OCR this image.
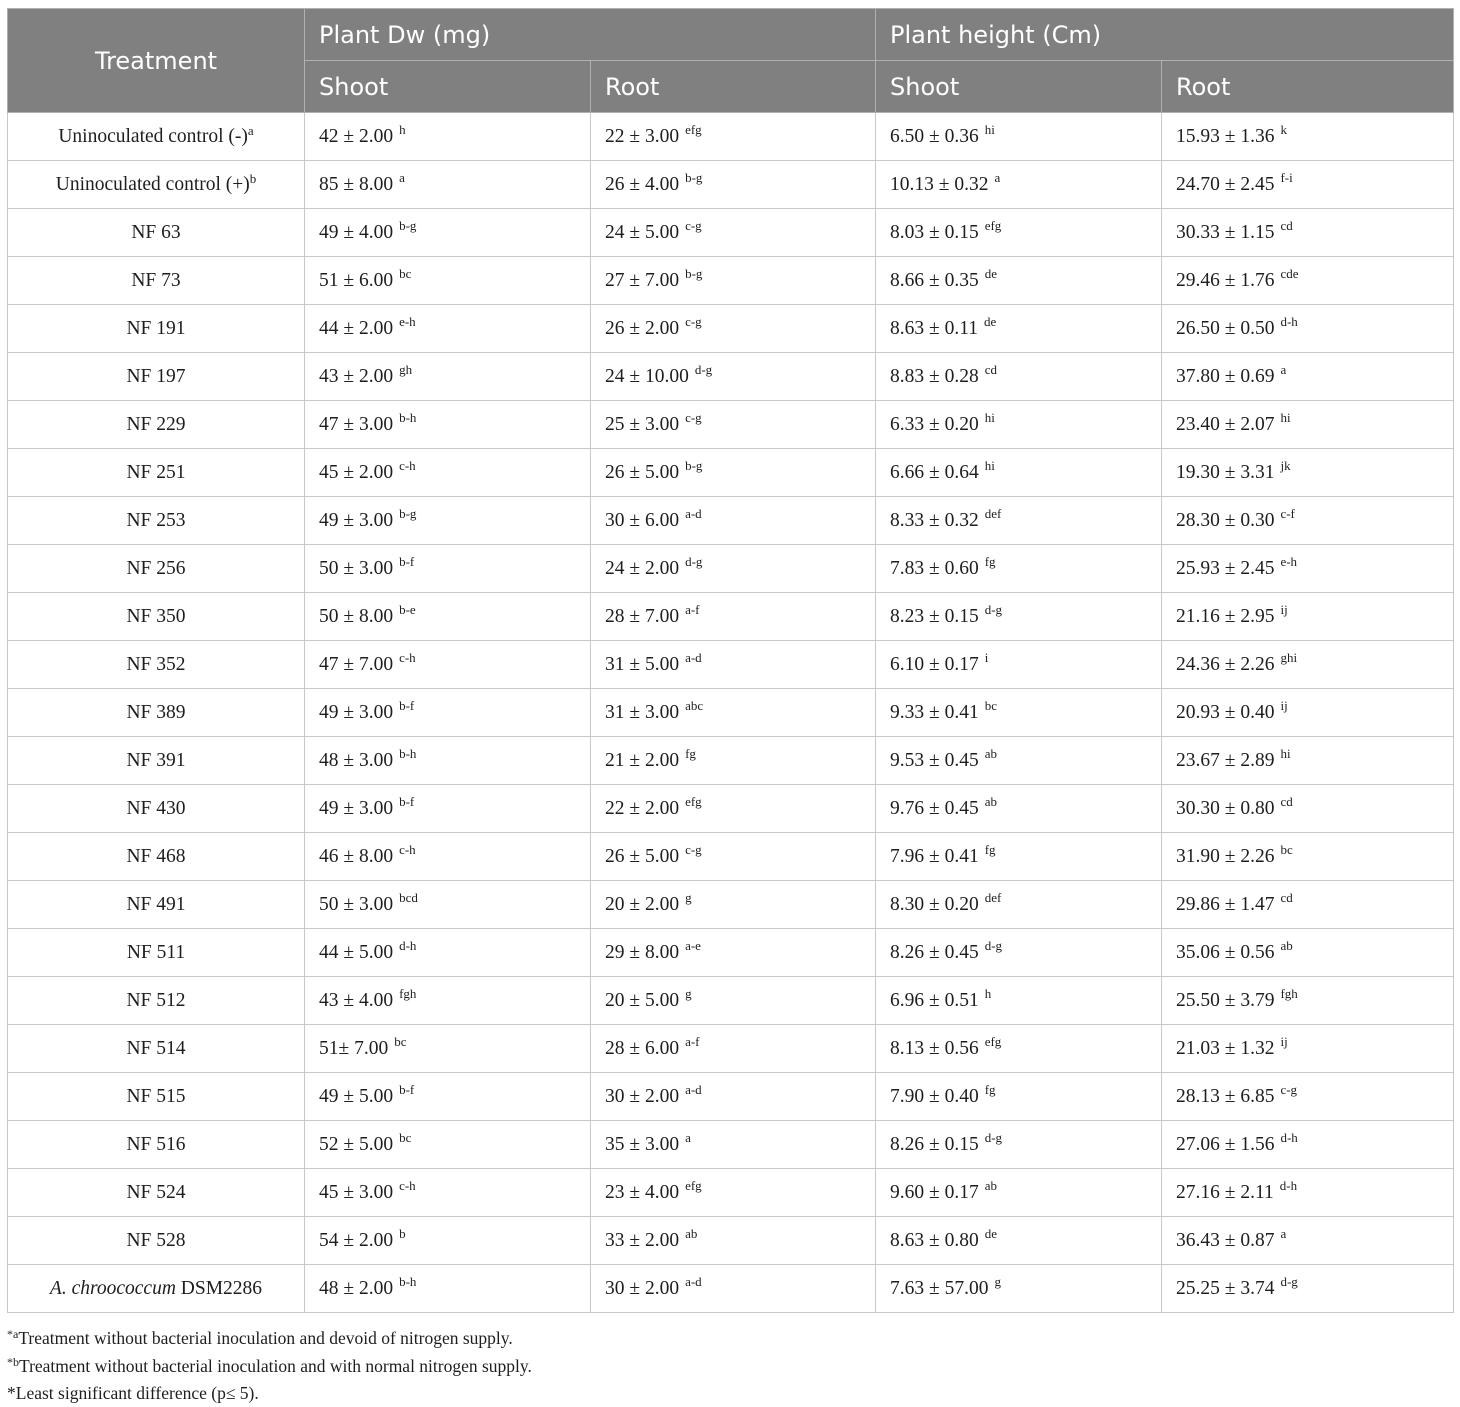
Treatment	Plant Dw (mg)		Plant height (Cm)	
	Shoot	Root	Shoot	Root
Uninoculated control $(-)^a$	42 ± 2.00 $^h$	22 ± 3.00 $^{efg}$	6.50 ± 0.36 $^{hi}$	15.93 ± 1.36 $^k$
Uninoculated control $(+)^b$	85 ± 8.00 $^a$	26 ± 4.00 $^{b-g}$	10.13 ± 0.32 $^a$	24.70 ± 2.45 $^{f-i}$
NF 63	49 ± 4.00 $^{b-g}$	24 ± 5.00 $^{c-g}$	8.03 ± 0.15 $^{efg}$	30.33 ± 1.15 $^{cd}$
NF 73	51 ± 6.00 $^{bc}$	27 ± 7.00 $^{b-g}$	8.66 ± 0.35 $^{de}$	29.46 ± 1.76 $^{cde}$
NF 191	44 ± 2.00 $^{e-h}$	26 ± 2.00 $^{c-g}$	8.63 ± 0.11 $^{de}$	26.50 ± 0.50 $^{d-h}$
NF 197	43 ± 2.00 $^{gh}$	24 ± 10.00 $^{d-g}$	8.83 ± 0.28 $^{cd}$	37.80 ± 0.69 $^a$
NF 229	47 ± 3.00 $^{b-h}$	25 ± 3.00 $^{c-g}$	6.33 ± 0.20 $^{hi}$	23.40 ± 2.07 $^{hi}$
NF 251	45 ± 2.00 $^{c-h}$	26 ± 5.00 $^{b-g}$	6.66 ± 0.64 $^{hi}$	19.30 ± 3.31 $^{jk}$
NF 253	49 ± 3.00 $^{b-g}$	30 ± 6.00 $^{a-d}$	8.33 ± 0.32 $^{def}$	28.30 ± 0.30 $^{c-f}$
NF 256	50 ± 3.00 $^{b-f}$	24 ± 2.00 $^{d-g}$	7.83 ± 0.60 $^{fg}$	25.93 ± 2.45 $^{e-h}$
NF 350	50 ± 8.00 $^{b-e}$	28 ± 7.00 $^{a-f}$	8.23 ± 0.15 $^{d-g}$	21.16 ± 2.95 $^{ij}$
NF 352	47 ± 7.00 $^{c-h}$	31 ± 5.00 $^{a-d}$	6.10 ± 0.17 $^i$	24.36 ± 2.26 $^{ghi}$
NF 389	49 ± 3.00 $^{b-f}$	31 ± 3.00 $^{abc}$	9.33 ± 0.41 $^{bc}$	20.93 ± 0.40 $^{ij}$
NF 391	48 ± 3.00 $^{b-h}$	21 ± 2.00 $^{fg}$	9.53 ± 0.45 $^{ab}$	23.67 ± 2.89 $^{hi}$
NF 430	49 ± 3.00 $^{b-f}$	22 ± 2.00 $^{efg}$	9.76 ± 0.45 $^{ab}$	30.30 ± 0.80 $^{cd}$
NF 468	46 ± 8.00 $^{c-h}$	26 ± 5.00 $^{c-g}$	7.96 ± 0.41 $^{fg}$	31.90 ± 2.26 $^{bc}$
NF 491	50 ± 3.00 $^{bcd}$	20 ± 2.00 $^g$	8.30 ± 0.20 $^{def}$	29.86 ± 1.47 $^{cd}$
NF 511	44 ± 5.00 $^{d-h}$	29 ± 8.00 $^{a-e}$	8.26 ± 0.45 $^{d-g}$	35.06 ± 0.56 $^{ab}$
NF 512	43 ± 4.00 $^{fgh}$	20 ± 5.00 $^g$	6.96 ± 0.51 $^h$	25.50 ± 3.79 $^{fgh}$
NF 514	51± 7.00 $^{bc}$	28 ± 6.00 $^{a-f}$	8.13 ± 0.56 $^{efg}$	21.03 ± 1.32 $^{ij}$
NF 515	49 ± 5.00 $^{b-f}$	30 ± 2.00 $^{a-d}$	7.90 ± 0.40 $^{fg}$	28.13 ± 6.85 $^{c-g}$
NF 516	52 ± 5.00 $^{bc}$	35 ± 3.00 $^a$	8.26 ± 0.15 $^{d-g}$	27.06 ± 1.56 $^{d-h}$
NF 524	45 ± 3.00 $^{c-h}$	23 ± 4.00 $^{efg}$	9.60 ± 0.17 $^{ab}$	27.16 ± 2.11 $^{d-h}$
NF 528	54 ± 2.00 $^b$	33 ± 2.00 $^{ab}$	8.63 ± 0.80 $^{de}$	36.43 ± 0.87 $^a$
A. chroococcum DSM2286	48 ± 2.00 $^{b-h}$	30 ± 2.00 $^{a-d}$	7.63 ± 57.00 $^g$	25.25 ± 3.74 $^{d-g}$
$^{*a}$Treatment without bacterial inoculation and devoid of nitrogen supply.
$^{*b}$Treatment without bacterial inoculation and with normal nitrogen supply.
*Least significant difference (p≤ 5).
